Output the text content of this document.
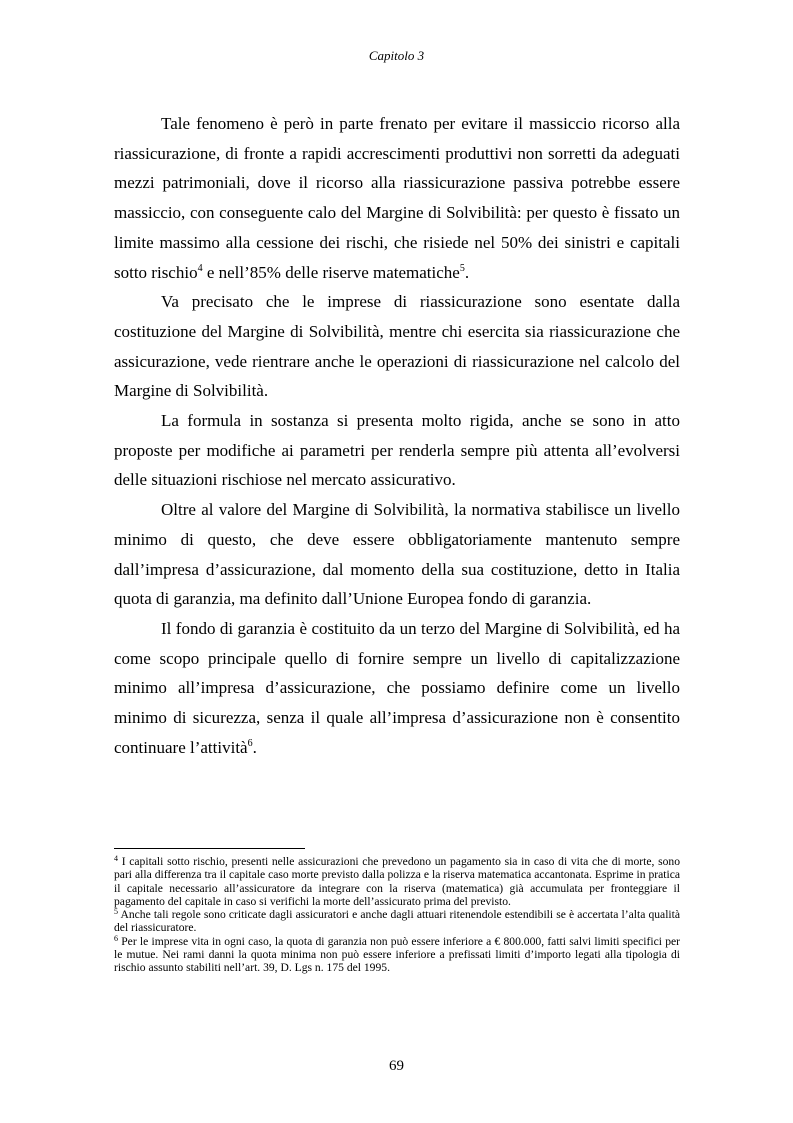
Capitolo 3

Tale fenomeno è però in parte frenato per evitare il massiccio ricorso alla riassicurazione, di fronte a rapidi accrescimenti produttivi non sorretti da adeguati mezzi patrimoniali, dove il ricorso alla riassicurazione passiva potrebbe essere massiccio, con conseguente calo del Margine di Solvibilità: per questo è fissato un limite massimo alla cessione dei rischi, che risiede nel 50% dei sinistri e capitali sotto rischio$^4$ e nell’85% delle riserve matematiche$^5$.

Va precisato che le imprese di riassicurazione sono esentate dalla costituzione del Margine di Solvibilità, mentre chi esercita sia riassicurazione che assicurazione, vede rientrare anche le operazioni di riassicurazione nel calcolo del Margine di Solvibilità.

La formula in sostanza si presenta molto rigida, anche se sono in atto proposte per modifiche ai parametri per renderla sempre più attenta all’evolversi delle situazioni rischiose nel mercato assicurativo.

Oltre al valore del Margine di Solvibilità, la normativa stabilisce un livello minimo di questo, che deve essere obbligatoriamente mantenuto sempre dall’impresa d’assicurazione, dal momento della sua costituzione, detto in Italia quota di garanzia, ma definito dall’Unione Europea fondo di garanzia.

Il fondo di garanzia è costituito da un terzo del Margine di Solvibilità, ed ha come scopo principale quello di fornire sempre un livello di capitalizzazione minimo all’impresa d’assicurazione, che possiamo definire come un livello minimo di sicurezza, senza il quale all’impresa d’assicurazione non è consentito continuare l’attività$^6$.

$^4$ I capitali sotto rischio, presenti nelle assicurazioni che prevedono un pagamento sia in caso di vita che di morte, sono pari alla differenza tra il capitale caso morte previsto dalla polizza e la riserva matematica accantonata. Esprime in pratica il capitale necessario all’assicuratore da integrare con la riserva (matematica) già accumulata per fronteggiare il pagamento del capitale in caso si verifichi la morte dell’assicurato prima del previsto.

$^5$ Anche tali regole sono criticate dagli assicuratori e anche dagli attuari ritenendole estendibili se è accertata l’alta qualità del riassicuratore.

$^6$ Per le imprese vita in ogni caso, la quota di garanzia non può essere inferiore a € 800.000, fatti salvi limiti specifici per le mutue. Nei rami danni la quota minima non può essere inferiore a prefissati limiti d’importo legati alla tipologia di rischio assunto stabiliti nell’art. 39, D. Lgs n. 175 del 1995.

69
